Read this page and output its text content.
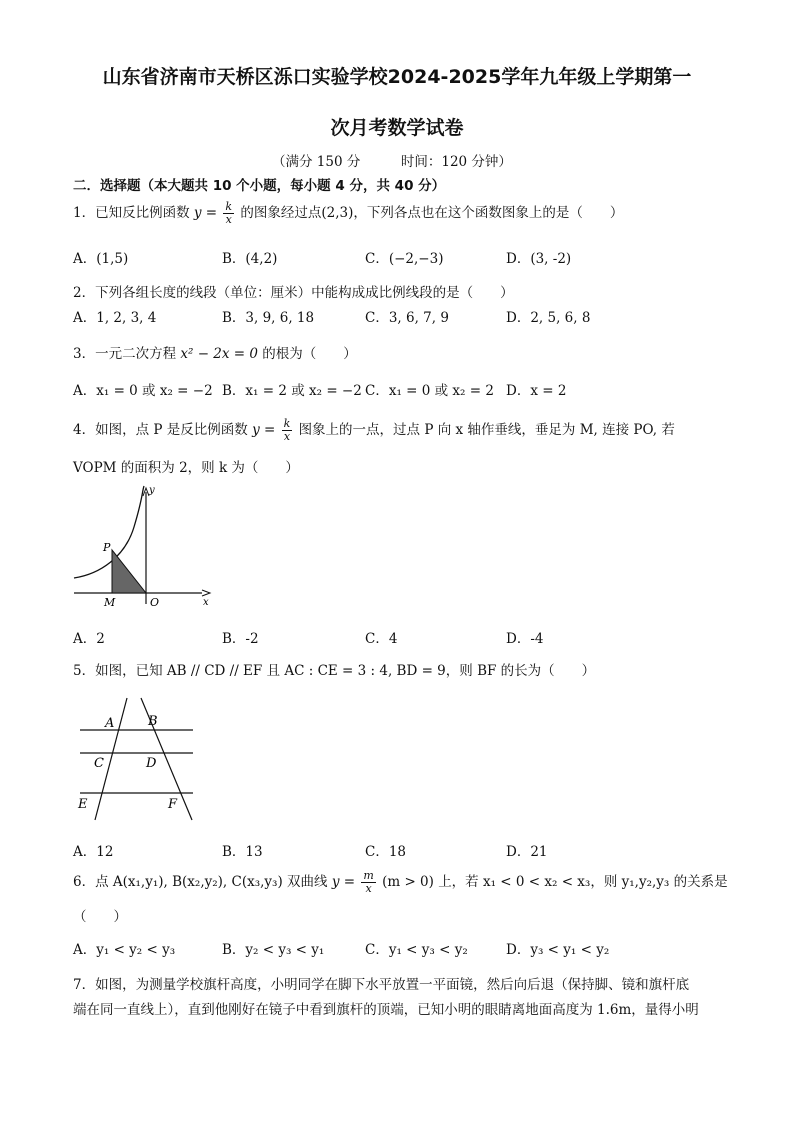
山东省济南市天桥区泺口实验学校2024-2025学年九年级上学期第一
次月考数学试卷
（满分 150 分　　　时间：120 分钟）
二．选择题（本大题共 10 个小题，每小题 4 分，共 40 分）
1．已知反比例函数 $y = \frac{k}{x}$ 的图象经过点(2,3)，下列各点也在这个函数图象上的是（　　）
A．(1,5)	B．(4,2)	C．(−2,−3)	D．(3, -2)
2．下列各组长度的线段（单位：厘米）中能构成成比例线段的是（　　）
A．1, 2, 3, 4	B．3, 9, 6, 18	C．3, 6, 7, 9	D．2, 5, 6, 8
3．一元二次方程 x² − 2x = 0 的根为（　　）
A．x₁ = 0 或 x₂ = −2 B．x₁ = 2 或 x₂ = −2 C．x₁ = 0 或 x₂ = 2 D．x = 2
4．如图，点 P 是反比例函数 $y = \frac{k}{x}$ 图象上的一点，过点 P 向 x 轴作垂线，垂足为 M, 连接 PO, 若
VOPM 的面积为 2，则 k 为（　　）
P
M	O
y
x
A．2	B．-2	C．4	D．-4
5．如图，已知 AB // CD // EF 且 AC : CE = 3 : 4, BD = 9，则 BF 的长为（　　）
A	B
C	D
E	F
A．12	B．13	C．18	D．21
6．点 A(x₁,y₁), B(x₂,y₂), C(x₃,y₃) 双曲线 $y = \frac{m}{x} (m > 0)$ 上，若 x₁ < 0 < x₂ < x₃，则 y₁,y₂,y₃ 的关系是
（　　）
A．y₁ < y₂ < y₃	B．y₂ < y₃ < y₁	C．y₁ < y₃ < y₂	D．y₃ < y₁ < y₂
7．如图，为测量学校旗杆高度，小明同学在脚下水平放置一平面镜，然后向后退（保持脚、镜和旗杆底
端在同一直线上），直到他刚好在镜子中看到旗杆的顶端，已知小明的眼睛离地面高度为 1.6m，量得小明
